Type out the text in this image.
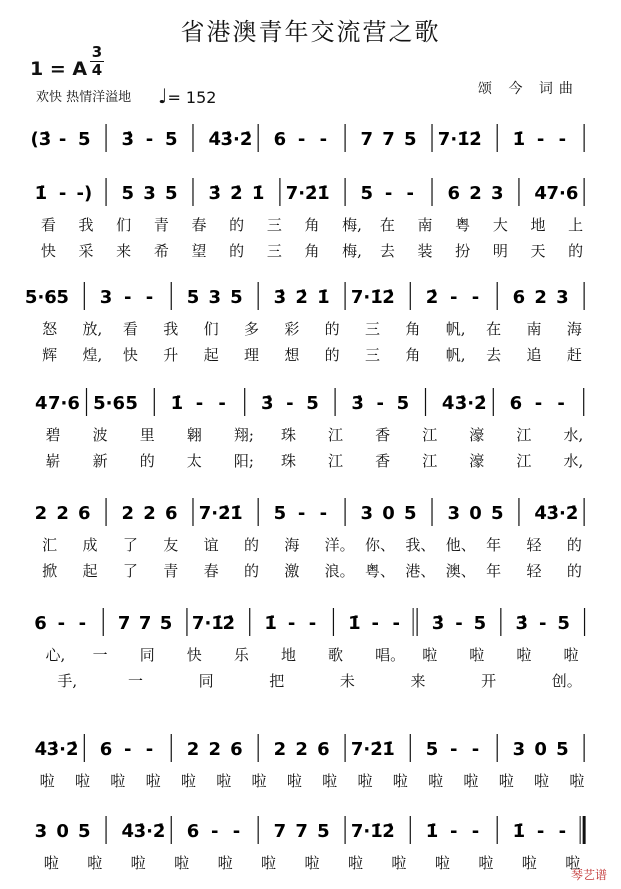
省港澳青年交流营之歌
1 = A
3
4
欢快 热情洋溢地 ♩= 152	颂 今 词曲
(3̇ - 5 3̇ - 5 4̇ 3̇·2̇ 6 - - 7 7 5 7·1̇ 2̇ 1̇ - -
1̇ - -) 5 3 5 3̇ 2̇ 1̇ 7·2̇ 1̇ 5 - - 6 2 3 4 7·6
看 我 们 青 春 的 三 角 梅, 在 南 粤 大 地 上
快 采 来 希 望 的 三 角 梅, 去 装 扮 明 天 的
5·6 5 3 - - 5 3 5 3̇ 2̇ 1̇ 7·1̇ 2̇ 2̇ - - 6 2 3
怒 放, 看 我 们 多 彩 的 三 角 帆, 在 南 海
辉 煌, 快 升 起 理 想 的 三 角 帆, 去 追 赶
4 7·6 5·6 5 1̇ - - 3̇ - 5 3̇ - 5 4̇ 3̇·2̇ 6 - -
碧 波 里 翱 翔; 珠 江 香 江 濠 江 水,
崭 新 的 太 阳; 珠 江 香 江 濠 江 水,
2 2 6 2 2 6 7·2̇ 1̇ 5 - - 3 0 5 3 0 5 4̇ 3̇·2̇
汇 成 了 友 谊 的 海 洋。 你、 我、 他、 年 轻 的
掀 起 了 青 春 的 激 浪。 粤、 港、 澳、 年 轻 的
6 - - 7 7 5 7·1̇
2̇ 1̇ - - 1̇ - - 3̇ - 5 3̇ - 5
心, 一 同 快 乐 地 歌 唱。 啦 啦 啦 啦
手,	一	同	把	未	来	开	创。
4̇ 3̇·2̇ 6 - - 2 2 6 2 2 6 7·2̇ 1̇ 5 - - 3 0 5
啦 啦 啦 啦 啦 啦 啦 啦 啦 啦 啦 啦 啦 啦 啦 啦
3 0 5 4̇ 3̇·2̇ 6 - - 7 7 5 7·1̇ 2̇ 1̇ - - 1̇ - -
啦 啦 啦 啦 啦 啦 啦 啦 啦 啦 啦 啦 啦
琴艺谱
